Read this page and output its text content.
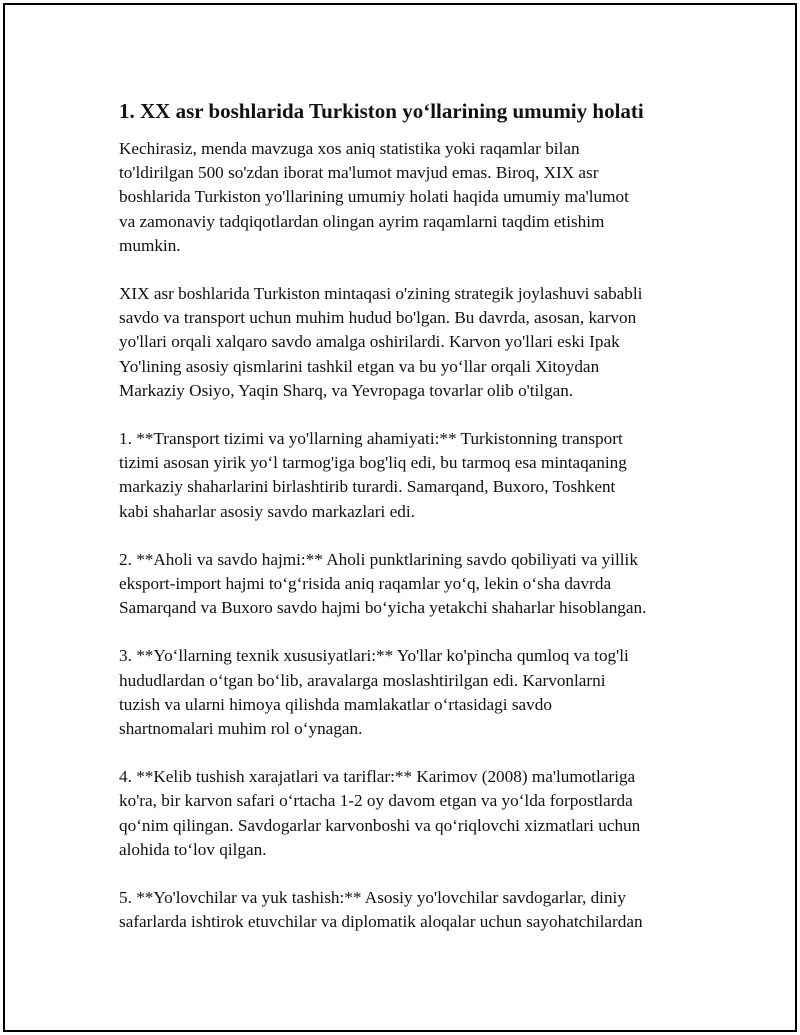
1. XX asr boshlarida Turkiston yo‘llarining umumiy holati

Kechirasiz, menda mavzuga xos aniq statistika yoki raqamlar bilan
to'ldirilgan 500 so'zdan iborat ma'lumot mavjud emas. Biroq, XIX asr
boshlarida Turkiston yo'llarining umumiy holati haqida umumiy ma'lumot
va zamonaviy tadqiqotlardan olingan ayrim raqamlarni taqdim etishim
mumkin.

XIX asr boshlarida Turkiston mintaqasi o'zining strategik joylashuvi sababli
savdo va transport uchun muhim hudud bo'lgan. Bu davrda, asosan, karvon
yo'llari orqali xalqaro savdo amalga oshirilardi. Karvon yo'llari eski Ipak
Yo'lining asosiy qismlarini tashkil etgan va bu yo‘llar orqali Xitoydan
Markaziy Osiyo, Yaqin Sharq, va Yevropaga tovarlar olib o'tilgan.

1. **Transport tizimi va yo'llarning ahamiyati:** Turkistonning transport
tizimi asosan yirik yo‘l tarmog'iga bog'liq edi, bu tarmoq esa mintaqaning
markaziy shaharlarini birlashtirib turardi. Samarqand, Buxoro, Toshkent
kabi shaharlar asosiy savdo markazlari edi.

2. **Aholi va savdo hajmi:** Aholi punktlarining savdo qobiliyati va yillik
eksport-import hajmi to‘g‘risida aniq raqamlar yo‘q, lekin o‘sha davrda
Samarqand va Buxoro savdo hajmi bo‘yicha yetakchi shaharlar hisoblangan.

3. **Yo‘llarning texnik xususiyatlari:** Yo'llar ko'pincha qumloq va tog'li
hududlardan o‘tgan bo‘lib, aravalarga moslashtirilgan edi. Karvonlarni
tuzish va ularni himoya qilishda mamlakatlar o‘rtasidagi savdo
shartnomalari muhim rol o‘ynagan.

4. **Kelib tushish xarajatlari va tariflar:** Karimov (2008) ma'lumotlariga
ko'ra, bir karvon safari o‘rtacha 1-2 oy davom etgan va yo‘lda forpostlarda
qo‘nim qilingan. Savdogarlar karvonboshi va qo‘riqlovchi xizmatlari uchun
alohida to‘lov qilgan.

5. **Yo'lovchilar va yuk tashish:** Asosiy yo'lovchilar savdogarlar, diniy
safarlarda ishtirok etuvchilar va diplomatik aloqalar uchun sayohatchilardan
